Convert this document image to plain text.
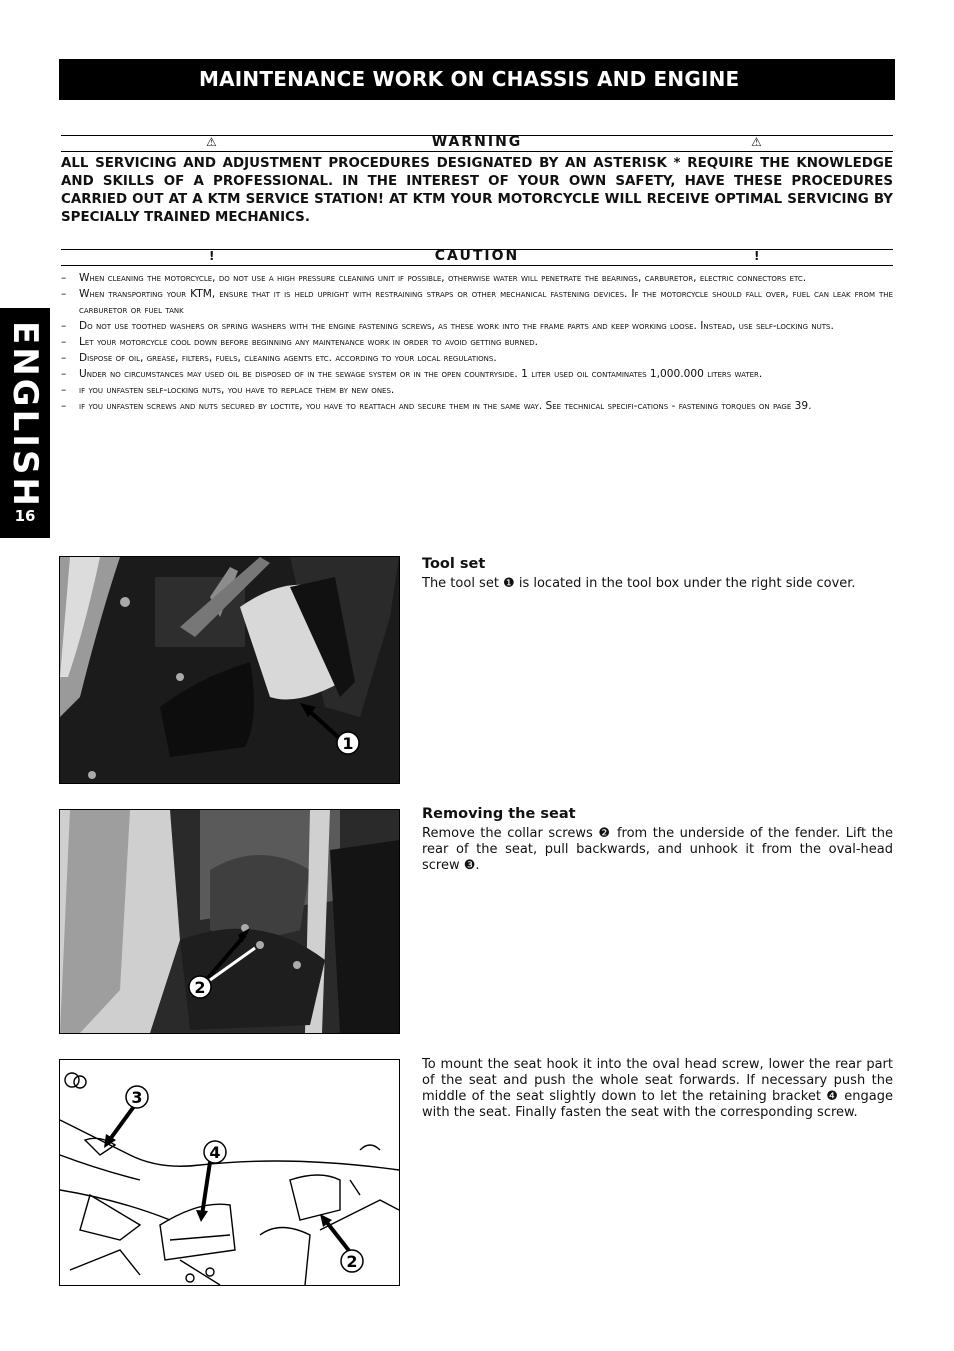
MAINTENANCE WORK ON CHASSIS AND ENGINE
ENGLISH
16
⚠	WARNING	⚠
ALL SERVICING AND ADJUSTMENT PROCEDURES DESIGNATED BY AN ASTERISK * REQUIRE THE KNOWLEDGE AND SKILLS OF A PROFESSIONAL. IN THE INTEREST OF YOUR OWN SAFETY, HAVE THESE PROCEDURES CARRIED OUT AT A KTM SERVICE STATION! AT KTM YOUR MOTORCYCLE WILL RECEIVE OPTIMAL SERVICING BY SPECIALLY TRAINED MECHANICS.
!	CAUTION	!
– When cleaning the motorcycle, do not use a high pressure cleaning unit if possible, otherwise water will penetrate the bearings, carburetor, electric connectors etc.
– When transporting your KTM, ensure that it is held upright with restraining straps or other mechanical fastening devices. If the motorcycle should fall over, fuel can leak from the carburetor or fuel tank
– Do not use toothed washers or spring washers with the engine fastening screws, as these work into the frame parts and keep working loose. Instead, use self-locking nuts.
– Let your motorcycle cool down before beginning any maintenance work in order to avoid getting burned.
– Dispose of oil, grease, filters, fuels, cleaning agents etc. according to your local regulations.
– Under no circumstances may used oil be disposed of in the sewage system or in the open countryside. 1 liter used oil contaminates 1,000.000 liters water.
– if you unfasten self-locking nuts, you have to replace them by new ones.
– if you unfasten screws and nuts secured by loctite, you have to reattach and secure them in the same way. See technical specifi-cations - fastening torques on page 39.
1
Tool set
The tool set ❶ is located in the tool box under the right side cover.
2
Removing the seat
Remove the collar screws ❷ from the underside of the fender. Lift the rear of the seat, pull backwards, and unhook it from the oval-head screw ❸.
3
4
2
To mount the seat hook it into the oval head screw, lower the rear part of the seat and push the whole seat forwards. If necessary push the middle of the seat slightly down to let the retaining bracket ❹ engage with the seat. Finally fasten the seat with the corresponding screw.
